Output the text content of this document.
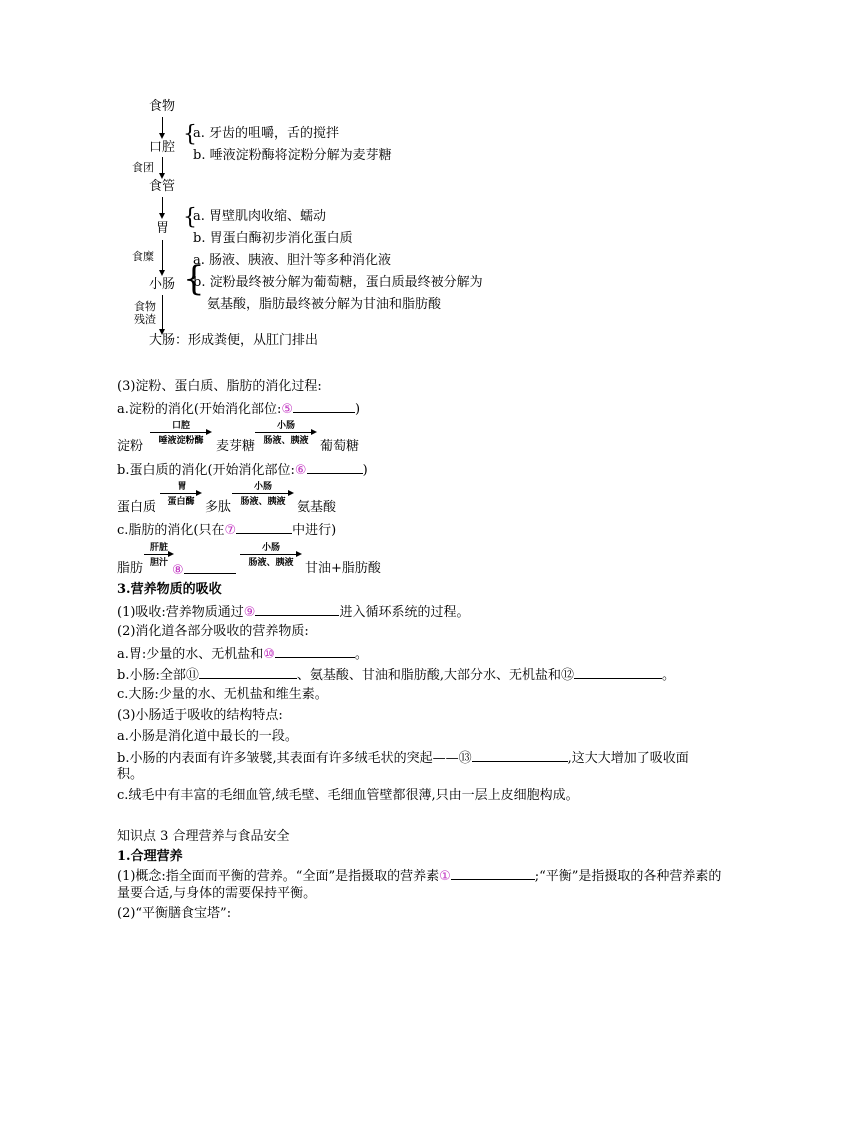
食物
口腔
{
a. 牙齿的咀嚼，舌的搅拌
b. 唾液淀粉酶将淀粉分解为麦芽糖
食团
食管
胃 {
a. 胃壁肌肉收缩、蠕动
b. 胃蛋白酶初步消化蛋白质
食糜
小肠 {
a. 肠液、胰液、胆汁等多种消化液
b. 淀粉最终被分解为葡萄糖，蛋白质最终被分解为
氨基酸，脂肪最终被分解为甘油和脂肪酸
食物
残渣
大肠：形成粪便，从肛门排出
(3)淀粉、蛋白质、脂肪的消化过程:
a.淀粉的消化(开始消化部位:⑤	)
淀粉
口腔
唾液淀粉酶 麦芽糖
小肠
肠液、胰液 葡萄糖
b.蛋白质的消化(开始消化部位:⑥	)
蛋白质
胃
蛋白酶 多肽
小肠
肠液、胰液 氨基酸
c.脂肪的消化(只在⑦	中进行)
脂肪
肝脏
胆汁 ⑧
小肠
肠液、胰液 甘油+脂肪酸
3.营养物质的吸收
(1)吸收:营养物质通过⑨	进入循环系统的过程。
(2)消化道各部分吸收的营养物质:
a.胃:少量的水、无机盐和⑩	。
b.小肠:全部⑪	、氨基酸、甘油和脂肪酸,大部分水、无机盐和⑫	。
c.大肠:少量的水、无机盐和维生素。
(3)小肠适于吸收的结构特点:
a.小肠是消化道中最长的一段。
b.小肠的内表面有许多皱襞,其表面有许多绒毛状的突起——⑬	,这大大增加了吸收面
积。
c.绒毛中有丰富的毛细血管,绒毛壁、毛细血管壁都很薄,只由一层上皮细胞构成。
知识点 3 合理营养与食品安全
1.合理营养
(1)概念:指全面而平衡的营养。“全面”是指摄取的营养素①	;“平衡”是指摄取的各种营养素的
量要合适,与身体的需要保持平衡。
(2)“平衡膳食宝塔”:
